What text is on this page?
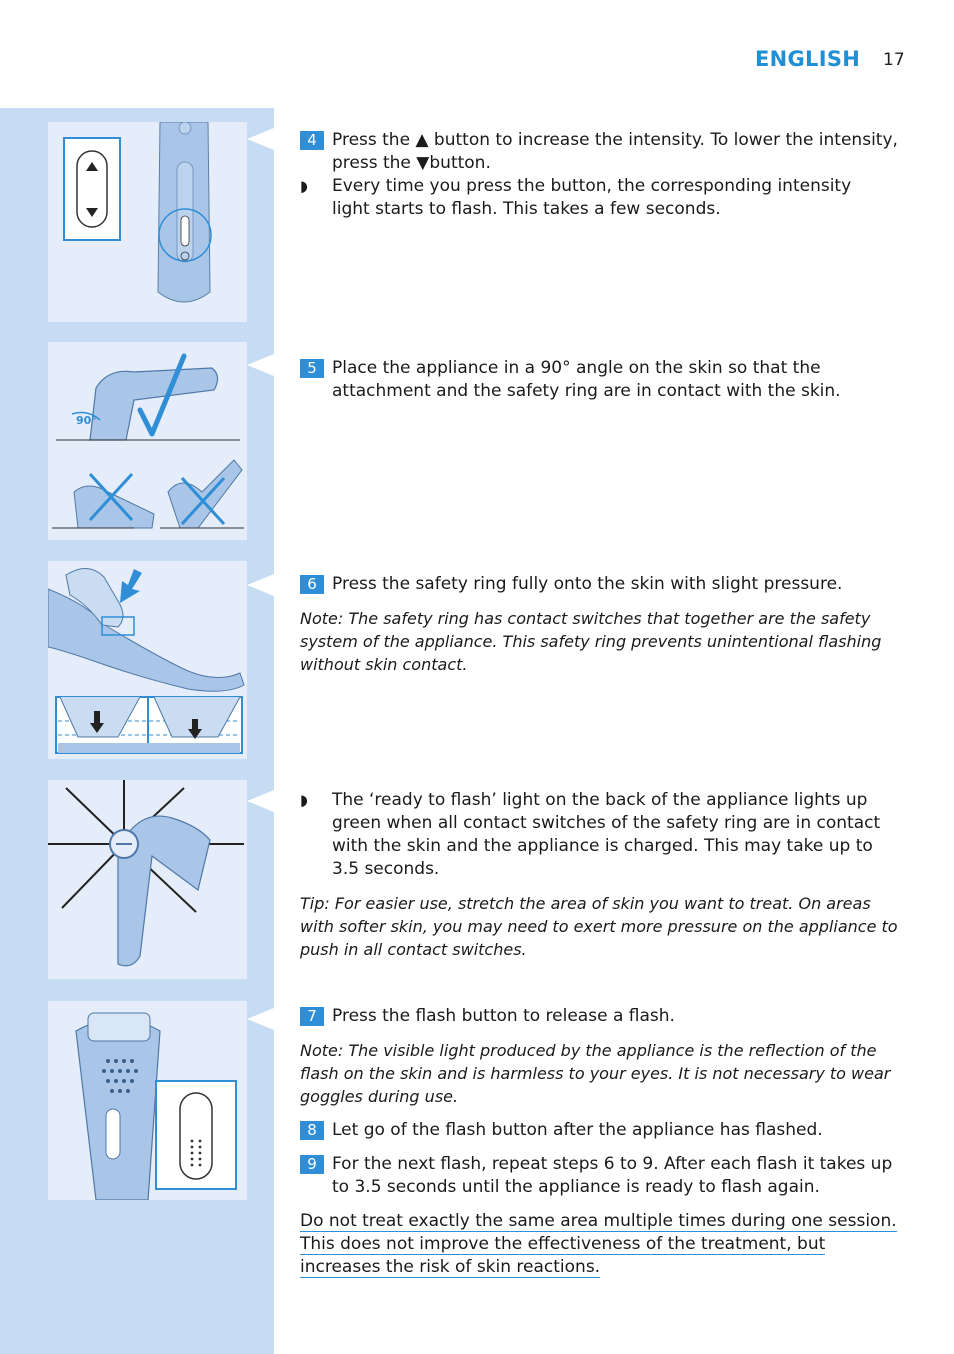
ENGLISH 17
90°

4 Press the ▲ button to increase the intensity. To lower the intensity, press the ▼button.

◗ Every time you press the button, the corresponding intensity light starts to flash. This takes a few seconds.

5 Place the appliance in a 90° angle on the skin so that the attachment and the safety ring are in contact with the skin.

6 Press the safety ring fully onto the skin with slight pressure.

Note: The safety ring has contact switches that together are the safety system of the appliance. This safety ring prevents unintentional flashing without skin contact.

◗ The ‘ready to flash’ light on the back of the appliance lights up green when all contact switches of the safety ring are in contact with the skin and the appliance is charged. This may take up to 3.5 seconds.

Tip: For easier use, stretch the area of skin you want to treat. On areas with softer skin, you may need to exert more pressure on the appliance to push in all contact switches.

7 Press the flash button to release a flash.

Note: The visible light produced by the appliance is the reflection of the flash on the skin and is harmless to your eyes. It is not necessary to wear goggles during use.

8 Let go of the flash button after the appliance has flashed.

9 For the next flash, repeat steps 6 to 9. After each flash it takes up to 3.5 seconds until the appliance is ready to flash again.

Do not treat exactly the same area multiple times during one session. This does not improve the effectiveness of the treatment, but increases the risk of skin reactions.
